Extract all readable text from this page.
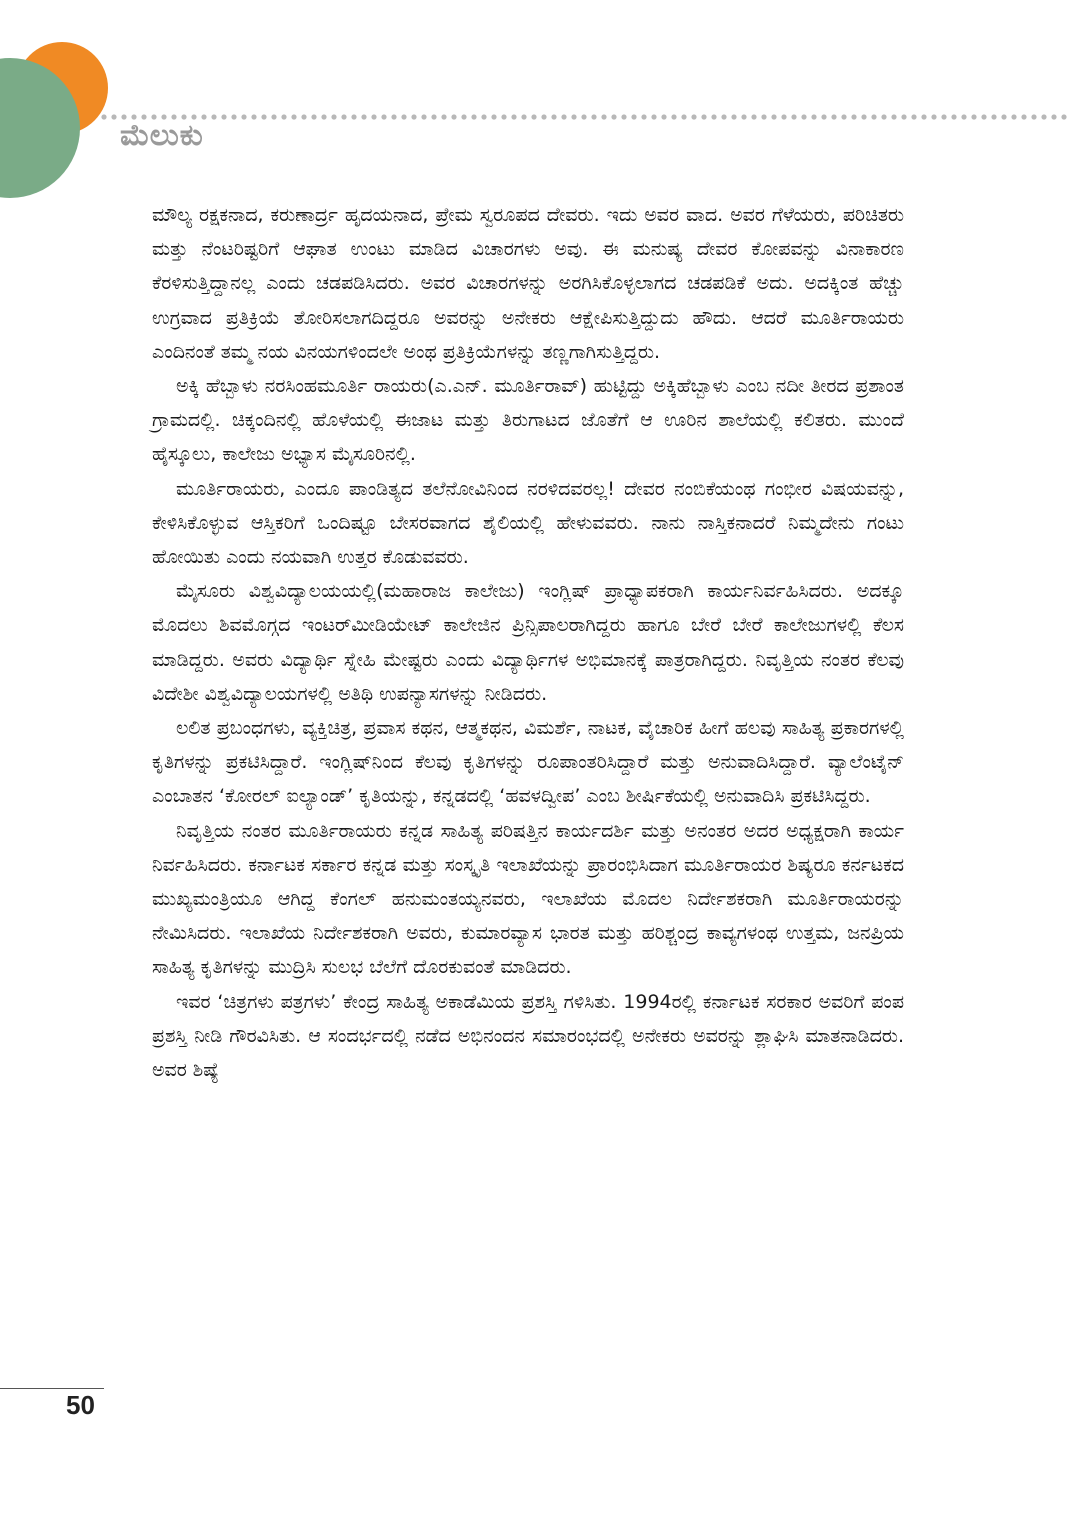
ಮೆಲುಕು

ಮೌಲ್ಯ ರಕ್ಷಕನಾದ, ಕರುಣಾರ್ದ್ರ ಹೃದಯನಾದ, ಪ್ರೇಮ ಸ್ವರೂಪದ ದೇವರು. ಇದು ಅವರ ವಾದ. ಅವರ ಗೆಳೆಯರು, ಪರಿಚಿತರು ಮತ್ತು ನೆಂಟರಿಷ್ಟರಿಗೆ ಆಘಾತ ಉಂಟು ಮಾಡಿದ ವಿಚಾರಗಳು ಅವು. ಈ ಮನುಷ್ಯ ದೇವರ ಕೋಪವನ್ನು ವಿನಾಕಾರಣ ಕೆರಳಿಸುತ್ತಿದ್ದಾನಲ್ಲ ಎಂದು ಚಡಪಡಿಸಿದರು. ಅವರ ವಿಚಾರಗಳನ್ನು ಅರಗಿಸಿಕೊಳ್ಳಲಾಗದ ಚಡಪಡಿಕೆ ಅದು. ಅದಕ್ಕಿಂತ ಹೆಚ್ಚು ಉಗ್ರವಾದ ಪ್ರತಿಕ್ರಿಯೆ ತೋರಿಸಲಾಗದಿದ್ದರೂ ಅವರನ್ನು ಅನೇಕರು ಆಕ್ಷೇಪಿಸುತ್ತಿದ್ದುದು ಹೌದು. ಆದರೆ ಮೂರ್ತಿರಾಯರು ಎಂದಿನಂತೆ ತಮ್ಮ ನಯ ವಿನಯಗಳಿಂದಲೇ ಅಂಥ ಪ್ರತಿಕ್ರಿಯೆಗಳನ್ನು ತಣ್ಣಗಾಗಿಸುತ್ತಿದ್ದರು.

ಅಕ್ಕಿ ಹೆಬ್ಬಾಳು ನರಸಿಂಹಮೂರ್ತಿ ರಾಯರು(ಎ.ಎನ್. ಮೂರ್ತಿರಾವ್) ಹುಟ್ಟಿದ್ದು ಅಕ್ಕಿಹೆಬ್ಬಾಳು ಎಂಬ ನದೀ ತೀರದ ಪ್ರಶಾಂತ ಗ್ರಾಮದಲ್ಲಿ. ಚಿಕ್ಕಂದಿನಲ್ಲಿ ಹೊಳೆಯಲ್ಲಿ ಈಜಾಟ ಮತ್ತು ತಿರುಗಾಟದ ಜೊತೆಗೆ ಆ ಊರಿನ ಶಾಲೆಯಲ್ಲಿ ಕಲಿತರು. ಮುಂದೆ ಹೈಸ್ಕೂಲು, ಕಾಲೇಜು ಅಭ್ಯಾಸ ಮೈಸೂರಿನಲ್ಲಿ.

ಮೂರ್ತಿರಾಯರು, ಎಂದೂ ಪಾಂಡಿತ್ಯದ ತಲೆನೋವಿನಿಂದ ನರಳಿದವರಲ್ಲ! ದೇವರ ನಂಬಿಕೆಯಂಥ ಗಂಭೀರ ವಿಷಯವನ್ನು, ಕೇಳಿಸಿಕೊಳ್ಳುವ ಆಸ್ತಿಕರಿಗೆ ಒಂದಿಷ್ಟೂ ಬೇಸರವಾಗದ ಶೈಲಿಯಲ್ಲಿ ಹೇಳುವವರು. ನಾನು ನಾಸ್ತಿಕನಾದರೆ ನಿಮ್ಮದೇನು ಗಂಟು ಹೋಯಿತು ಎಂದು ನಯವಾಗಿ ಉತ್ತರ ಕೊಡುವವರು.

ಮೈಸೂರು ವಿಶ್ವವಿದ್ಯಾಲಯಯಲ್ಲಿ(ಮಹಾರಾಜ ಕಾಲೇಜು) ಇಂಗ್ಲಿಷ್ ಪ್ರಾಧ್ಯಾಪಕರಾಗಿ ಕಾರ್ಯನಿರ್ವಹಿಸಿದರು. ಅದಕ್ಕೂ ಮೊದಲು ಶಿವಮೊಗ್ಗದ ಇಂಟರ್‌ಮೀಡಿಯೇಟ್ ಕಾಲೇಜಿನ ಪ್ರಿನ್ಸಿಪಾಲರಾಗಿದ್ದರು ಹಾಗೂ ಬೇರೆ ಬೇರೆ ಕಾಲೇಜುಗಳಲ್ಲಿ ಕೆಲಸ ಮಾಡಿದ್ದರು. ಅವರು ವಿದ್ಯಾರ್ಥಿ ಸ್ನೇಹಿ ಮೇಷ್ಟರು ಎಂದು ವಿದ್ಯಾರ್ಥಿಗಳ ಅಭಿಮಾನಕ್ಕೆ ಪಾತ್ರರಾಗಿದ್ದರು. ನಿವೃತ್ತಿಯ ನಂತರ ಕೆಲವು ವಿದೇಶೀ ವಿಶ್ವವಿದ್ಯಾಲಯಗಳಲ್ಲಿ ಅತಿಥಿ ಉಪನ್ಯಾಸಗಳನ್ನು ನೀಡಿದರು.

ಲಲಿತ ಪ್ರಬಂಧಗಳು, ವ್ಯಕ್ತಿಚಿತ್ರ, ಪ್ರವಾಸ ಕಥನ, ಆತ್ಮಕಥನ, ವಿಮರ್ಶೆ, ನಾಟಕ, ವೈಚಾರಿಕ ಹೀಗೆ ಹಲವು ಸಾಹಿತ್ಯ ಪ್ರಕಾರಗಳಲ್ಲಿ ಕೃತಿಗಳನ್ನು ಪ್ರಕಟಿಸಿದ್ದಾರೆ. ಇಂಗ್ಲಿಷ್‌ನಿಂದ ಕೆಲವು ಕೃತಿಗಳನ್ನು ರೂಪಾಂತರಿಸಿದ್ದಾರೆ ಮತ್ತು ಅನುವಾದಿಸಿದ್ದಾರೆ. ವ್ಯಾಲೆಂಟೈನ್ ಎಂಬಾತನ ‘ಕೋರಲ್ ಐಲ್ಯಾಂಡ್’ ಕೃತಿಯನ್ನು, ಕನ್ನಡದಲ್ಲಿ ‘ಹವಳದ್ವೀಪ’ ಎಂಬ ಶೀರ್ಷಿಕೆಯಲ್ಲಿ ಅನುವಾದಿಸಿ ಪ್ರಕಟಿಸಿದ್ದರು.

ನಿವೃತ್ತಿಯ ನಂತರ ಮೂರ್ತಿರಾಯರು ಕನ್ನಡ ಸಾಹಿತ್ಯ ಪರಿಷತ್ತಿನ ಕಾರ್ಯದರ್ಶಿ ಮತ್ತು ಅನಂತರ ಅದರ ಅಧ್ಯಕ್ಷರಾಗಿ ಕಾರ್ಯ ನಿರ್ವಹಿಸಿದರು. ಕರ್ನಾಟಕ ಸರ್ಕಾರ ಕನ್ನಡ ಮತ್ತು ಸಂಸ್ಕೃತಿ ಇಲಾಖೆಯನ್ನು ಪ್ರಾರಂಭಿಸಿದಾಗ ಮೂರ್ತಿರಾಯರ ಶಿಷ್ಯರೂ ಕರ್ನಟಕದ ಮುಖ್ಯಮಂತ್ರಿಯೂ ಆಗಿದ್ದ ಕೆಂಗಲ್ ಹನುಮಂತಯ್ಯನವರು, ಇಲಾಖೆಯ ಮೊದಲ ನಿರ್ದೇಶಕರಾಗಿ ಮೂರ್ತಿರಾಯರನ್ನು ನೇಮಿಸಿದರು. ಇಲಾಖೆಯ ನಿರ್ದೇಶಕರಾಗಿ ಅವರು, ಕುಮಾರವ್ಯಾಸ ಭಾರತ ಮತ್ತು ಹರಿಶ್ಚಂದ್ರ ಕಾವ್ಯಗಳಂಥ ಉತ್ತಮ, ಜನಪ್ರಿಯ ಸಾಹಿತ್ಯ ಕೃತಿಗಳನ್ನು ಮುದ್ರಿಸಿ ಸುಲಭ ಬೆಲೆಗೆ ದೊರಕುವಂತೆ ಮಾಡಿದರು.

ಇವರ ‘ಚಿತ್ರಗಳು ಪತ್ರಗಳು’ ಕೇಂದ್ರ ಸಾಹಿತ್ಯ ಅಕಾಡೆಮಿಯ ಪ್ರಶಸ್ತಿ ಗಳಿಸಿತು. 1994ರಲ್ಲಿ ಕರ್ನಾಟಕ ಸರಕಾರ ಅವರಿಗೆ ಪಂಪ ಪ್ರಶಸ್ತಿ ನೀಡಿ ಗೌರವಿಸಿತು. ಆ ಸಂದರ್ಭದಲ್ಲಿ ನಡೆದ ಅಭಿನಂದನ ಸಮಾರಂಭದಲ್ಲಿ ಅನೇಕರು ಅವರನ್ನು ಶ್ಲಾಘಿಸಿ ಮಾತನಾಡಿದರು. ಅವರ ಶಿಷ್ಯೆ

50
